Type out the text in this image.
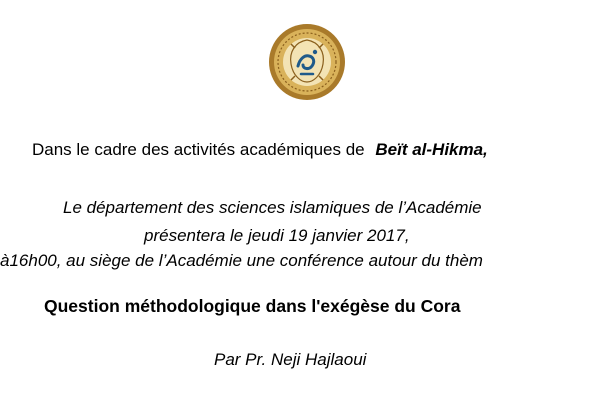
Dans le cadre des activités académiques de Beït al-Hikma,
Le département des sciences islamiques de l’Académie
présentera le jeudi 19 janvier 2017,
à16h00, au siège de l’Académie une conférence autour du thèm
Question méthodologique dans l'exégèse du Cora
Par Pr. Neji Hajlaoui
